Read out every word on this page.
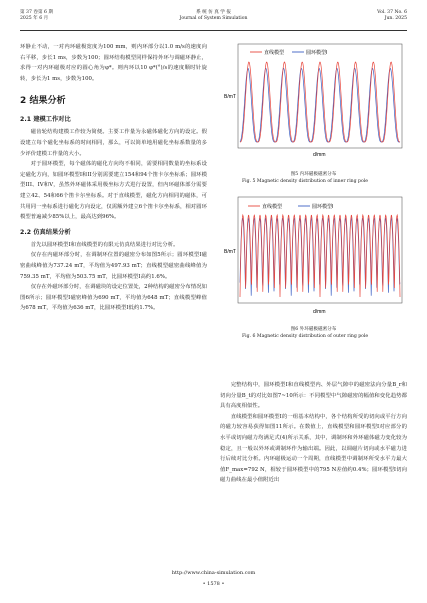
第 37 卷第 6 期
2025 年 6 月
系 统 仿 真 学 报
Journal of System Simulation
Vol. 37 No. 6
Jun. 2025

环静止不动，一对内环磁极宽度为100 mm，则内环部分以1.0 m/s的速度向右平移，步长1 ms，步数为100；圆环结构模型同样保持外环与调磁环静止，求得一对内环磁极对应的圆心角为φ*。则内环以10 φ*(°)/s的速度顺时针旋转，步长为1 ms，步数为100。

2 结果分析
2.1 建模工作对比

磁齿轮结构建模工作较为简便。主要工作量为永磁体磁化方向的设定。假设建立每个磁化坐标系的时间相同，那么，可以简单地用磁化坐标系数量的多少评价建模工作量的大小。

对于圆环模型，每个磁体的磁化方向均不相同，需要相同数量的坐标系设定磁化方向，如圆环模型I和II分别需要建立154和94个笛卡尔坐标系；圆环模型III、IV和V，虽然外环磁体采用极坐标方式进行设置，但内环磁体部分需要建立42、54和66个笛卡尔坐标系。对于直线模型，磁化方向相同的磁体，可共用同一坐标系进行磁化方向设定，仅需额外建立6个笛卡尔坐标系，相对圆环模型普遍减少85%以上，最高达到96%。

2.2 仿真结果分析

首先以圆环模型I和直线模型的有限元仿真结果进行对比分析。

仅存在内磁环部分时，在调制环位置的磁密分布如图5所示；圆环模型I磁密曲线峰值为737.24 mT，平均值为497.93 mT；直线模型磁密曲线峰值为759.35 mT，平均值为503.75 mT，比圆环模型I高约1.6%。

仅存在外磁环部分时，在调磁块的设定位置处，2种结构的磁密分布情况如图6所示；圆环模型I磁密峰值为690 mT，平均值为648 mT；直线模型峰值为678 mT，平均值为636 mT，比圆环模型I低约1.7%。

直线模型	圆环模型I
B/mT
d/mm
图5 内环磁极磁密分布
Fig. 5 Magnetic density distribution of inner ring pole
直线模型	圆环模型I
B/mT
d/mm
图6 外环磁极磁密分布
Fig. 6 Magnetic density distribution of outer ring pole

完整结构中，圆环模型I和直线模型内、外层气隙中的磁密法向分量B_r和切向分量B_t的对比如图7~10所示：不同模型中气隙磁密的幅值和变化趋势都具有高度相似性。

直线模型和圆环模型I的一组基本结构中，各个结构所受的切向或平行方向的磁力较容易获得如图11所示。在数值上，直线模型和圆环模型I对应部分的水平或切向磁力均满足式(4)所示关系，其中，调制环和外环磁体磁力变化较为稳定，且一般以外环或调制环作为输出端。因此，以调磁片切向或水平磁力进行后续对比分析。内环磁极运动一个周期，直线模型中调制环所受水平力最大值F_max=792 N，相较于圆环模型中的795 N差值约0.4%；圆环模型I切向磁力曲线在最小值附近出

http://www.china-simulation.com
• 1578 •
